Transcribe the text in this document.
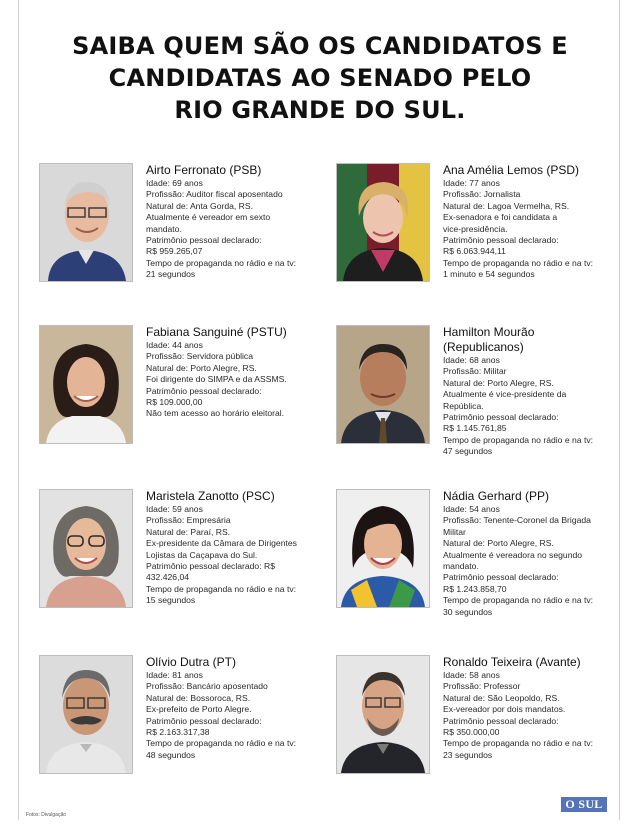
SAIBA QUEM SÃO OS CANDIDATOS E
CANDIDATAS AO SENADO PELO
RIO GRANDE DO SUL.
Airto Ferronato (PSB)
Idade: 69 anos
Profissão: Auditor fiscal aposentado
Natural de: Anta Gorda, RS.
Atualmente é vereador em sexto
mandato.
Patrimônio pessoal declarado:
R$ 959.265,07
Tempo de propaganda no rádio e na tv:
21 segundos
Ana Amélia Lemos (PSD)
Idade: 77 anos
Profissão: Jornalista
Natural de: Lagoa Vermelha, RS.
Ex-senadora e foi candidata a
vice-presidência.
Patrimônio pessoal declarado:
R$ 6.063.944,11
Tempo de propaganda no rádio e na tv:
1 minuto e 54 segundos
Fabiana Sanguiné (PSTU)
Idade: 44 anos
Profissão: Servidora pública
Natural de: Porto Alegre, RS.
Foi dirigente do SIMPA e da ASSMS.
Patrimônio pessoal declarado:
R$ 109.000,00
Não tem acesso ao horário eleitoral.
Hamilton Mourão
(Republicanos)
Idade: 68 anos
Profissão: Militar
Natural de: Porto Alegre, RS.
Atualmente é vice-presidente da
República.
Patrimônio pessoal declarado:
R$ 1.145.761,85
Tempo de propaganda no rádio e na tv:
47 segundos
Maristela Zanotto (PSC)
Idade: 59 anos
Profissão: Empresária
Natural de: Paraí, RS.
Ex-presidente da Câmara de Dirigentes
Lojistas da Caçapava do Sul.
Patrimônio pessoal declarado: R$
432.426,04
Tempo de propaganda no rádio e na tv:
15 segundos
Nádia Gerhard (PP)
Idade: 54 anos
Profissão: Tenente-Coronel da Brigada
Militar
Natural de: Porto Alegre, RS.
Atualmente é vereadora no segundo
mandato.
Patrimônio pessoal declarado:
R$ 1.243.858,70
Tempo de propaganda no rádio e na tv:
30 segundos
Olívio Dutra (PT)
Idade: 81 anos
Profissão: Bancário aposentado
Natural de: Bossoroca, RS.
Ex-prefeito de Porto Alegre.
Patrimônio pessoal declarado:
R$ 2.163.317,38
Tempo de propaganda no rádio e na tv:
48 segundos
Ronaldo Teixeira (Avante)
Idade: 58 anos
Profissão: Professor
Natural de: São Leopoldo, RS.
Ex-vereador por dois mandatos.
Patrimônio pessoal declarado:
R$ 350.000,00
Tempo de propaganda no rádio e na tv:
23 segundos
Fotos: Divulgação
O SUL
